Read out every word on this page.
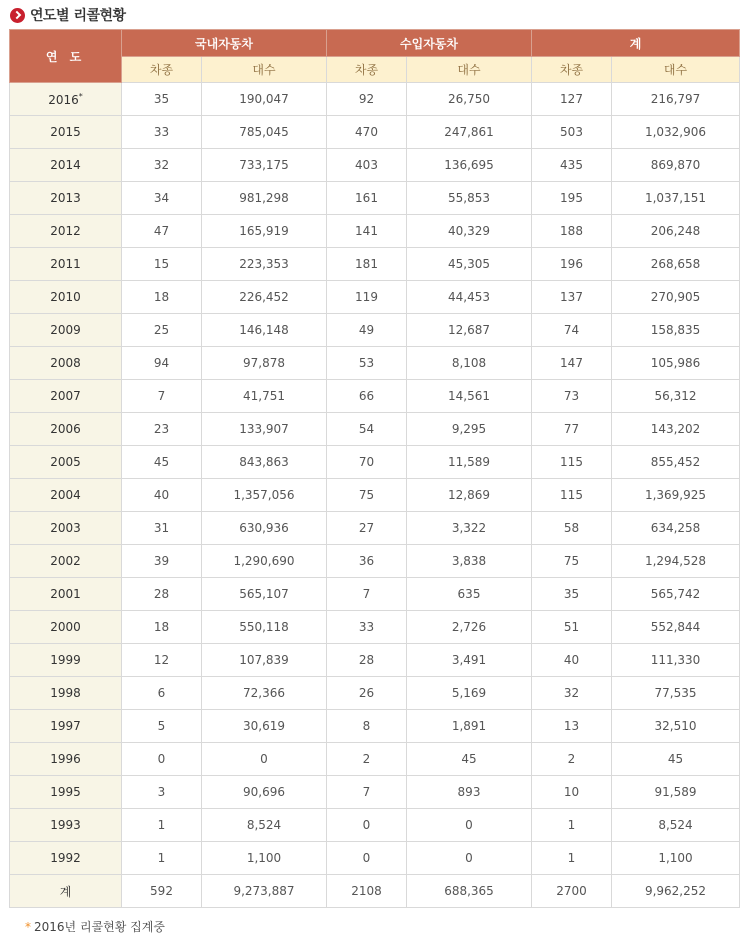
연도별 리콜현황
연 도	국내자동차		수입자동차		계	
	차종	대수	차종	대수	차종	대수
2016*	35	190,047	92	26,750	127	216,797
2015	33	785,045	470	247,861	503	1,032,906
2014	32	733,175	403	136,695	435	869,870
2013	34	981,298	161	55,853	195	1,037,151
2012	47	165,919	141	40,329	188	206,248
2011	15	223,353	181	45,305	196	268,658
2010	18	226,452	119	44,453	137	270,905
2009	25	146,148	49	12,687	74	158,835
2008	94	97,878	53	8,108	147	105,986
2007	7	41,751	66	14,561	73	56,312
2006	23	133,907	54	9,295	77	143,202
2005	45	843,863	70	11,589	115	855,452
2004	40	1,357,056	75	12,869	115	1,369,925
2003	31	630,936	27	3,322	58	634,258
2002	39	1,290,690	36	3,838	75	1,294,528
2001	28	565,107	7	635	35	565,742
2000	18	550,118	33	2,726	51	552,844
1999	12	107,839	28	3,491	40	111,330
1998	6	72,366	26	5,169	32	77,535
1997	5	30,619	8	1,891	13	32,510
1996	0	0	2	45	2	45
1995	3	90,696	7	893	10	91,589
1993	1	8,524	0	0	1	8,524
1992	1	1,100	0	0	1	1,100
계	592	9,273,887	2108	688,365	2700	9,962,252
* 2016년 리콜현황 집계중
